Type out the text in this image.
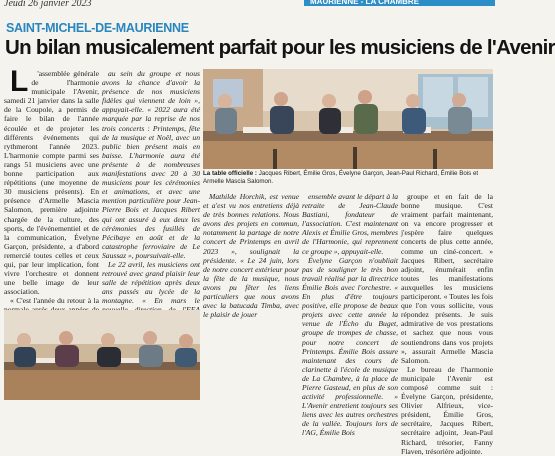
Jeudi 26 janvier 2023	MAURIENNE - LA CHAMBRE
SAINT-MICHEL-DE-MAURIENNE
Un bilan musicalement parfait pour les musiciens de l'Avenir

L 'assemblée générale de l'harmonie municipale l'Avenir, samedi 21 janvier dans la salle de la Coupole, a permis de faire le bilan de l'année écoulée et de projeter les différents événements qui rythmeront l'année 2023. L'harmonie compte parmi ses rangs 51 musiciens avec une bonne participation aux répétitions (une moyenne de 30 musiciens présents). En présence d'Armelle Mascia Salomon, première adjointe chargée de la culture, des sports, de l'événementiel et de la communication, Évelyne Garçon, présidente, a d'abord remercié toutes celles et ceux qui, par leur implication, font vivre l'orchestre et donnent une belle image de leur association.

« C'est l'année du retour à la

au sein du groupe et nous avons la chance d'avoir la présence de nos musiciens fidèles qui viennent de loin », appuyait-elle. « 2022 aura été marquée par la reprise de nos trois concerts : Printemps, fête de la musique et Noël, avec un public bien présent mais en baisse. L'harmonie aura été présente à de nombreuses manifestations avec 20 à 30 musiciens pour les cérémonies et animations, et avec une mention particulière pour Jean-Pierre Bois et Jacques Ribert qui ont assuré à eux deux les cérémonies des fusillés de Pécibaye en août et de la catastrophe ferroviaire de Le Saussaz », poursuivait-elle.

Le 22 avril, les musiciens ont retrouvé avec grand plaisir leur salle de répétition après deux ans passés au lycée de la montagne. « En mars le

La table officielle : Jacques Ribert, Émilie Gros, Évelyne Garçon, Jean-Paul Richard, Émilie Bois et Armelle Mascia Salomon.

Mathilde Horchik, est venue et a'est vu nos entretiens déjà de très bonnes relations. Nous avons des projets en commun, notamment la partage de notre concert de Printemps en avril 2023 », soulignait la présidente. « Le 24 juin, lors de notre concert extérieur pour la fête de la musique, nous avons pu fêter les liens particuliers que nous avons avec la batucada Timba, avec le plaisir de jouer

ensemble avant le départ à la retraite de Jean-Claude Bastiani, fondateur de l'association. C'est maintenant Alexis et Émilie Gros, membres de l'Harmonie, qui reprennent ce groupe », appuyait-elle.

Évelyne Garçon n'oubliait pas de souligner le très bon travail réalisé par la directrice Émilie Bois avec l'orchestre. « En plus d'être toujours positive, elle propose de beaux projets avec cette année la venue de l'Écho du Buget, groupe de trompes de chasse, pour notre concert de Printemps. Émilie Bois assure maintenant des cours de clarinette à l'école de musique de La Chambre, à la place de Pierre Gasteud, en plus de son activité professionnelle. » L'Avenir entretient toujours ses liens avec les autres orchestres de la vallée. Toujours lors de l'AG, Émilie Bois

groupe et en fait de la bonne musique. C'est vraiment parfait maintenant, on va encore progresser et j'espère faire quelques concerts de plus cette année, comme un ciné-concert. » Jacques Ribert, secrétaire adjoint, énumérait enfin toutes les manifestations auxquelles les musiciens participeront. « Toutes les fois que l'on vous sollicite, vous répondez présents. Je suis admirative de vos prestations et sachez que nous vous soutiendrons dans vos projets », assurait Armelle Mascia Salomon.

Le bureau de l'harmonie municipale l'Avenir est composé comme suit : Évelyne Garçon, présidente, Olivier Alfrieux, vice-président, Émilie Gros, secrétaire, Jacques Ribert, secrétaire adjoint, Jean-Paul Richard, trésorier, Fanny Flaven, trésorière adjointe.
